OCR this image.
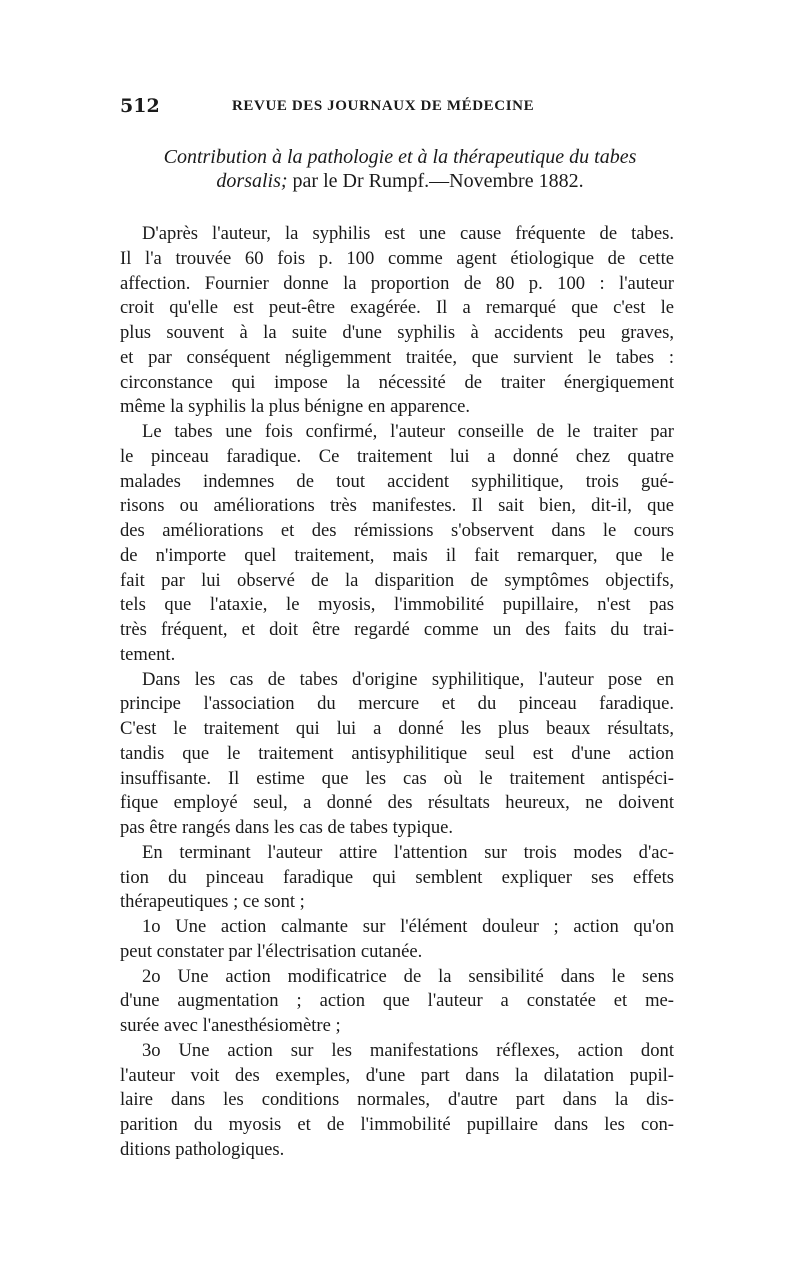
512	REVUE DES JOURNAUX DE MÉDECINE
Contribution à la pathologie et à la thérapeutique du tabes
dorsalis; par le Dr Rumpf.—Novembre 1882.
D'après l'auteur, la syphilis est une cause fréquente de tabes.
Il l'a trouvée 60 fois p. 100 comme agent étiologique de cette
affection. Fournier donne la proportion de 80 p. 100 : l'auteur
croit qu'elle est peut-être exagérée. Il a remarqué que c'est le
plus souvent à la suite d'une syphilis à accidents peu graves,
et par conséquent négligemment traitée, que survient le tabes :
circonstance qui impose la nécessité de traiter énergiquement
même la syphilis la plus bénigne en apparence.
Le tabes une fois confirmé, l'auteur conseille de le traiter par
le pinceau faradique. Ce traitement lui a donné chez quatre
malades indemnes de tout accident syphilitique, trois gué-
risons ou améliorations très manifestes. Il sait bien, dit-il, que
des améliorations et des rémissions s'observent dans le cours
de n'importe quel traitement, mais il fait remarquer, que le
fait par lui observé de la disparition de symptômes objectifs,
tels que l'ataxie, le myosis, l'immobilité pupillaire, n'est pas
très fréquent, et doit être regardé comme un des faits du trai-
tement.
Dans les cas de tabes d'origine syphilitique, l'auteur pose en
principe l'association du mercure et du pinceau faradique.
C'est le traitement qui lui a donné les plus beaux résultats,
tandis que le traitement antisyphilitique seul est d'une action
insuffisante. Il estime que les cas où le traitement antispéci-
fique employé seul, a donné des résultats heureux, ne doivent
pas être rangés dans les cas de tabes typique.
En terminant l'auteur attire l'attention sur trois modes d'ac-
tion du pinceau faradique qui semblent expliquer ses effets
thérapeutiques ; ce sont ;
1o Une action calmante sur l'élément douleur ; action qu'on
peut constater par l'électrisation cutanée.
2o Une action modificatrice de la sensibilité dans le sens
d'une augmentation ; action que l'auteur a constatée et me-
surée avec l'anesthésiomètre ;
3o Une action sur les manifestations réflexes, action dont
l'auteur voit des exemples, d'une part dans la dilatation pupil-
laire dans les conditions normales, d'autre part dans la dis-
parition du myosis et de l'immobilité pupillaire dans les con-
ditions pathologiques.
